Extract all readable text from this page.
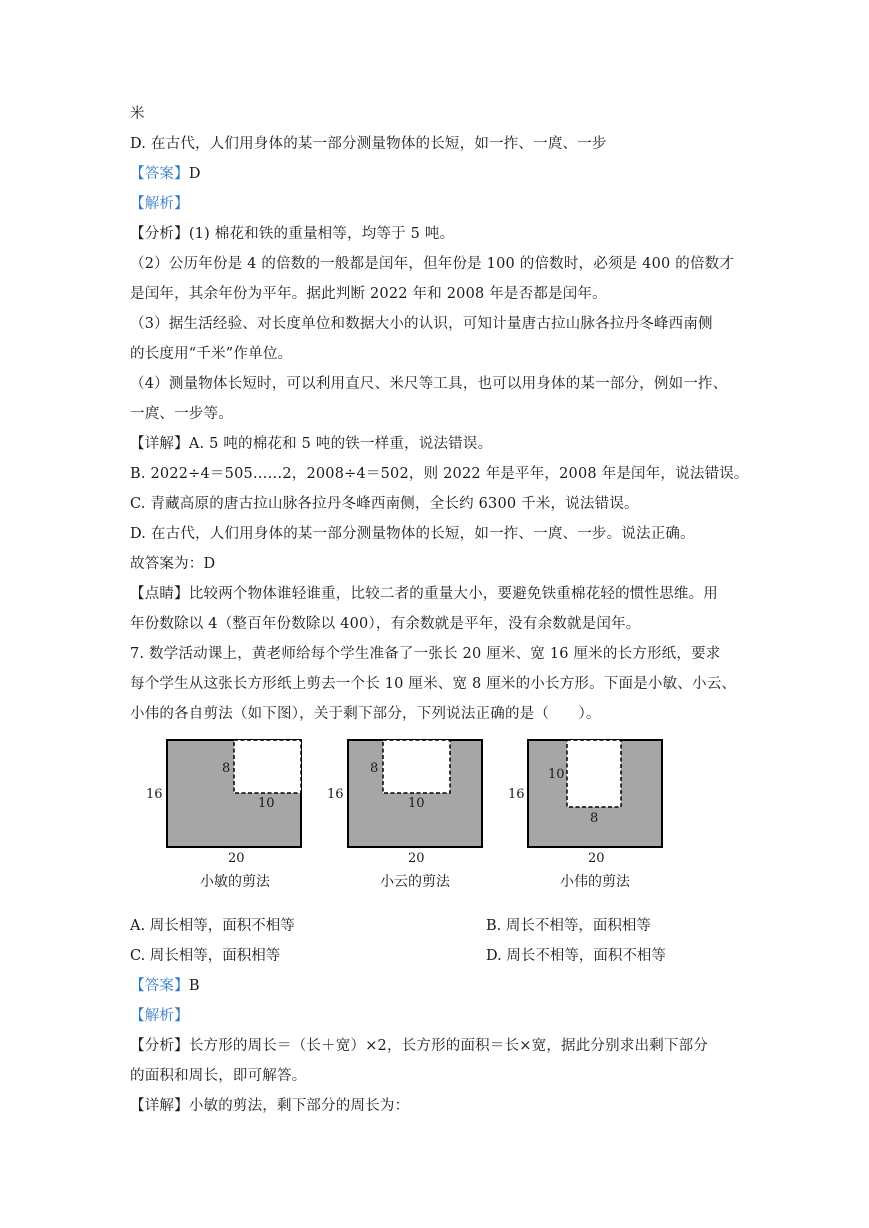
米
D. 在古代，人们用身体的某一部分测量物体的长短，如一拃、一庹、一步
【答案】D
【解析】
【分析】(1) 棉花和铁的重量相等，均等于 5 吨。
（2）公历年份是 4 的倍数的一般都是闰年，但年份是 100 的倍数时，必须是 400 的倍数才
是闰年，其余年份为平年。据此判断 2022 年和 2008 年是否都是闰年。
（3）据生活经验、对长度单位和数据大小的认识，可知计量唐古拉山脉各拉丹冬峰西南侧
的长度用“千米”作单位。
（4）测量物体长短时，可以利用直尺、米尺等工具，也可以用身体的某一部分，例如一拃、
一庹、一步等。
【详解】A. 5 吨的棉花和 5 吨的铁一样重，说法错误。
B. 2022÷4＝505……2，2008÷4＝502，则 2022 年是平年，2008 年是闰年，说法错误。
C. 青藏高原的唐古拉山脉各拉丹冬峰西南侧，全长约 6300 千米，说法错误。
D. 在古代，人们用身体的某一部分测量物体的长短，如一拃、一庹、一步。说法正确。
故答案为：D
【点睛】比较两个物体谁轻谁重，比较二者的重量大小，要避免铁重棉花轻的惯性思维。用
年份数除以 4（整百年份数除以 400），有余数就是平年，没有余数就是闰年。
7. 数学活动课上，黄老师给每个学生准备了一张长 20 厘米、宽 16 厘米的长方形纸，要求
每个学生从这张长方形纸上剪去一个长 10 厘米、宽 8 厘米的小长方形。下面是小敏、小云、
小伟的各自剪法（如下图），关于剩下部分，下列说法正确的是（　　）。
8
10
16
20
小敏的剪法
8
10
16
20
小云的剪法
10
8
16
20
小伟的剪法
A. 周长相等，面积不相等	B. 周长不相等，面积相等
C. 周长相等，面积相等	D. 周长不相等，面积不相等
【答案】B
【解析】
【分析】长方形的周长＝（长＋宽）×2，长方形的面积＝长×宽，据此分别求出剩下部分
的面积和周长，即可解答。
【详解】小敏的剪法，剩下部分的周长为：
